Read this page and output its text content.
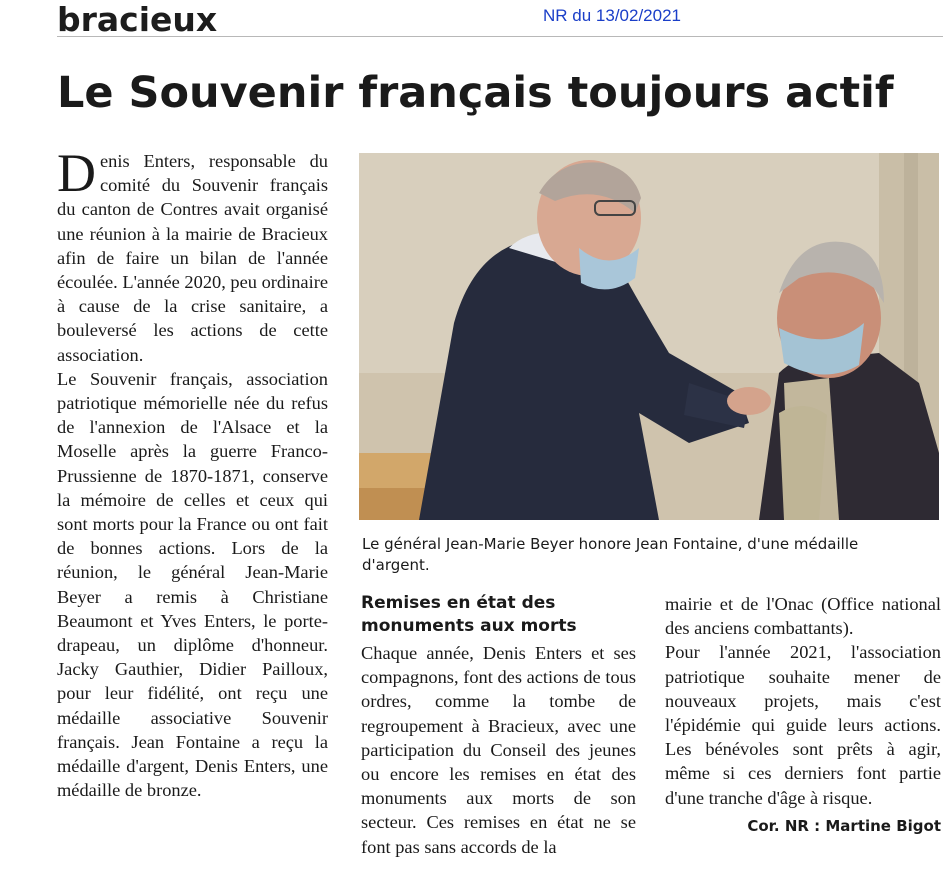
bracieux	NR du 13/02/2021
Le Souvenir français toujours actif

Denis Enters, responsable du comité du Souvenir français du canton de Contres avait organisé une réunion à la mairie de Bracieux afin de faire un bilan de l'année écoulée. L'année 2020, peu ordinaire à cause de la crise sanitaire, a bouleversé les actions de cette association.

Le Souvenir français, association patriotique mémorielle née du refus de l'annexion de l'Alsace et la Moselle après la guerre Franco-Prussienne de 1870-1871, conserve la mémoire de celles et ceux qui sont morts pour la France ou ont fait de bonnes actions. Lors de la réunion, le général Jean-Marie Beyer a remis à Christiane Beaumont et Yves Enters, le porte-drapeau, un diplôme d'honneur. Jacky Gauthier, Didier Pailloux, pour leur fidélité, ont reçu une médaille associative Souvenir français. Jean Fontaine a reçu la médaille d'argent, Denis Enters, une médaille de bronze.

Le général Jean-Marie Beyer honore Jean Fontaine, d'une médaille d'argent.
Remises en état des monuments aux morts

Chaque année, Denis Enters et ses compagnons, font des actions de tous ordres, comme la tombe de regroupement à Bracieux, avec une participation du Conseil des jeunes ou encore les remises en état des monuments aux morts de son secteur. Ces remises en état ne se font pas sans accords de la

mairie et de l'Onac (Office national des anciens combattants).

Pour l'année 2021, l'association patriotique souhaite mener de nouveaux projets, mais c'est l'épidémie qui guide leurs actions. Les bénévoles sont prêts à agir, même si ces derniers font partie d'une tranche d'âge à risque.

Cor. NR : Martine Bigot
